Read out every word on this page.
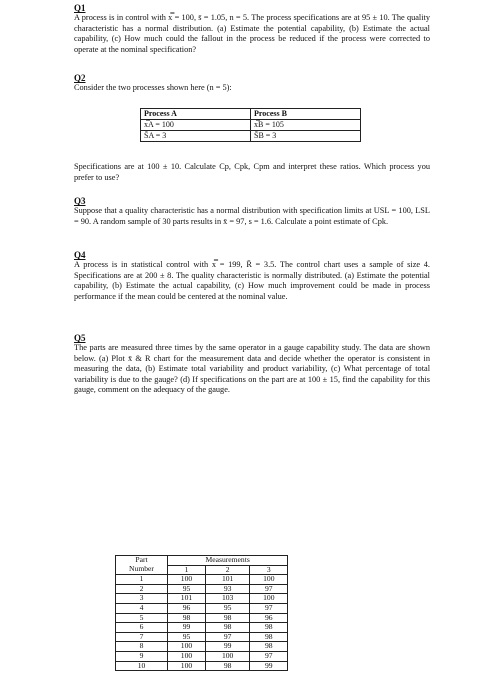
Q1
A process is in control with x̿ = 100, s̄ = 1.05, n = 5. The process specifications are at 95 ± 10. The quality characteristic has a normal distribution. (a) Estimate the potential capability, (b) Estimate the actual capability, (c) How much could the fallout in the process be reduced if the process were corrected to operate at the nominal specification?
Q2
Consider the two processes shown here (n = 5):
Process A	Process B
x̿A = 100	x̿B = 105
S̄A = 3	S̄B = 3
Specifications are at 100 ± 10. Calculate Cp, Cpk, Cpm and interpret these ratios. Which process you prefer to use?
Q3
Suppose that a quality characteristic has a normal distribution with specification limits at USL = 100, LSL = 90. A random sample of 30 parts results in x̄ = 97, s = 1.6. Calculate a point estimate of Cpk.
Q4
A process is in statistical control with x̿ = 199, R̄ = 3.5. The control chart uses a sample of size 4. Specifications are at 200 ± 8. The quality characteristic is normally distributed. (a) Estimate the potential capability, (b) Estimate the actual capability, (c) How much improvement could be made in process performance if the mean could be centered at the nominal value.
Q5
The parts are measured three times by the same operator in a gauge capability study. The data are shown below. (a) Plot x̄ & R chart for the measurement data and decide whether the operator is consistent in measuring the data, (b) Estimate total variability and product variability, (c) What percentage of total variability is due to the gauge? (d) If specifications on the part are at 100 ± 15, find the capability for this gauge, comment on the adequacy of the gauge.
Part		Measurements	
Number	1	2	3
1	100	101	100
2	95	93	97
3	101	103	100
4	96	95	97
5	98	98	96
6	99	98	98
7	95	97	98
8	100	99	98
9	100	100	97
10	100	98	99
